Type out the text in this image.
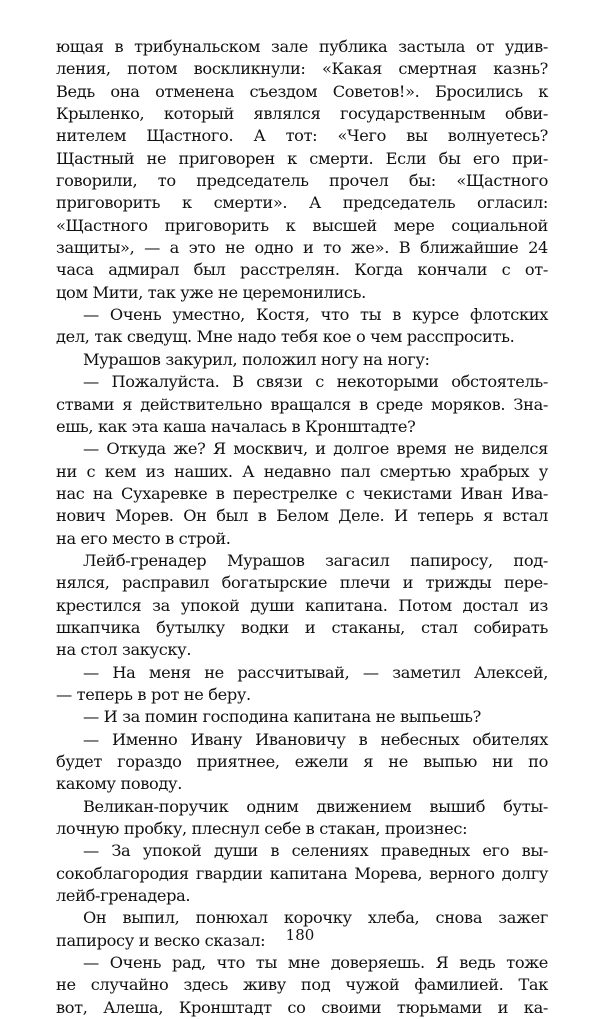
ющая в трибунальском зале публика застыла от удив-
ления, потом воскликнули: «Какая смертная казнь?
Ведь она отменена съездом Советов!». Бросились к
Крыленко, который являлся государственным обви-
нителем Щастного. А тот: «Чего вы волнуетесь?
Щастный не приговорен к смерти. Если бы его при-
говорили, то председатель прочел бы: «Щастного
приговорить к смерти». А председатель огласил:
«Щастного приговорить к высшей мере социальной
защиты», — а это не одно и то же». В ближайшие 24
часа адмирал был расстрелян. Когда кончали с от-
цом Мити, так уже не церемонились.
— Очень уместно, Костя, что ты в курсе флотских
дел, так сведущ. Мне надо тебя кое о чем расспросить.
Мурашов закурил, положил ногу на ногу:
— Пожалуйста. В связи с некоторыми обстоятель-
ствами я действительно вращался в среде моряков. Зна-
ешь, как эта каша началась в Кронштадте?
— Откуда же? Я москвич, и долгое время не виделся
ни с кем из наших. А недавно пал смертью храбрых у
нас на Сухаревке в перестрелке с чекистами Иван Ива-
нович Морев. Он был в Белом Деле. И теперь я встал
на его место в строй.
Лейб-гренадер Мурашов загасил папиросу, под-
нялся, расправил богатырские плечи и трижды пере-
крестился за упокой души капитана. Потом достал из
шкапчика бутылку водки и стаканы, стал собирать
на стол закуску.
— На меня не рассчитывай, — заметил Алексей,
— теперь в рот не беру.
— И за помин господина капитана не выпьешь?
— Именно Ивану Ивановичу в небесных обителях
будет гораздо приятнее, ежели я не выпью ни по
какому поводу.
Великан-поручик одним движением вышиб буты-
лочную пробку, плеснул себе в стакан, произнес:
— За упокой души в селениях праведных его вы-
сокоблагородия гвардии капитана Морева, верного долгу
лейб-гренадера.
Он выпил, понюхал корочку хлеба, снова зажег
папиросу и веско сказал:
— Очень рад, что ты мне доверяешь. Я ведь тоже
не случайно здесь живу под чужой фамилией. Так
вот, Алеша, Кронштадт со своими тюрьмами и ка-
180
